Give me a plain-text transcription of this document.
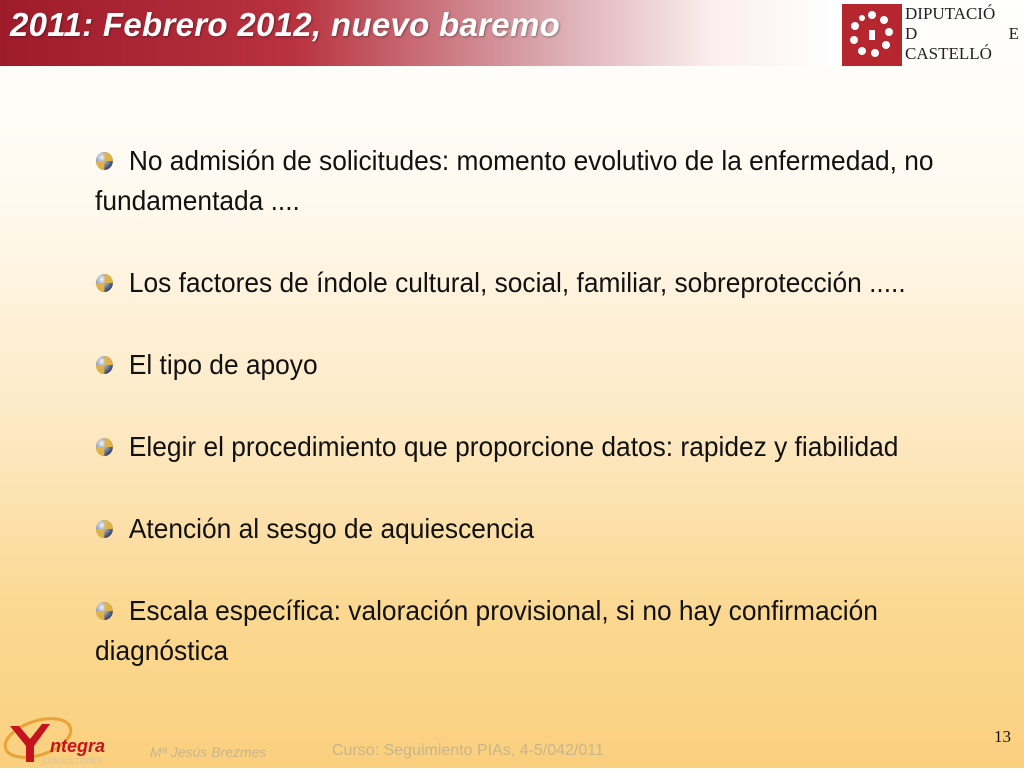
2011: Febrero 2012, nuevo baremo	DIPUTACIÓ
D	E
CASTELLÓ
No admisión de solicitudes: momento evolutivo de la enfermedad, no fundamentada ....
Los factores de índole cultural, social, familiar, sobreprotección .....
El tipo de apoyo
Elegir el procedimiento que proporcione datos: rapidez y fiabilidad
Atención al sesgo de aquiescencia
Escala específica: valoración provisional, si no hay confirmación diagnóstica
ntegra
CONSULTORES
Mª Jesús Brezmes	Curso: Seguimiento PIAs, 4-5/042/011
13
